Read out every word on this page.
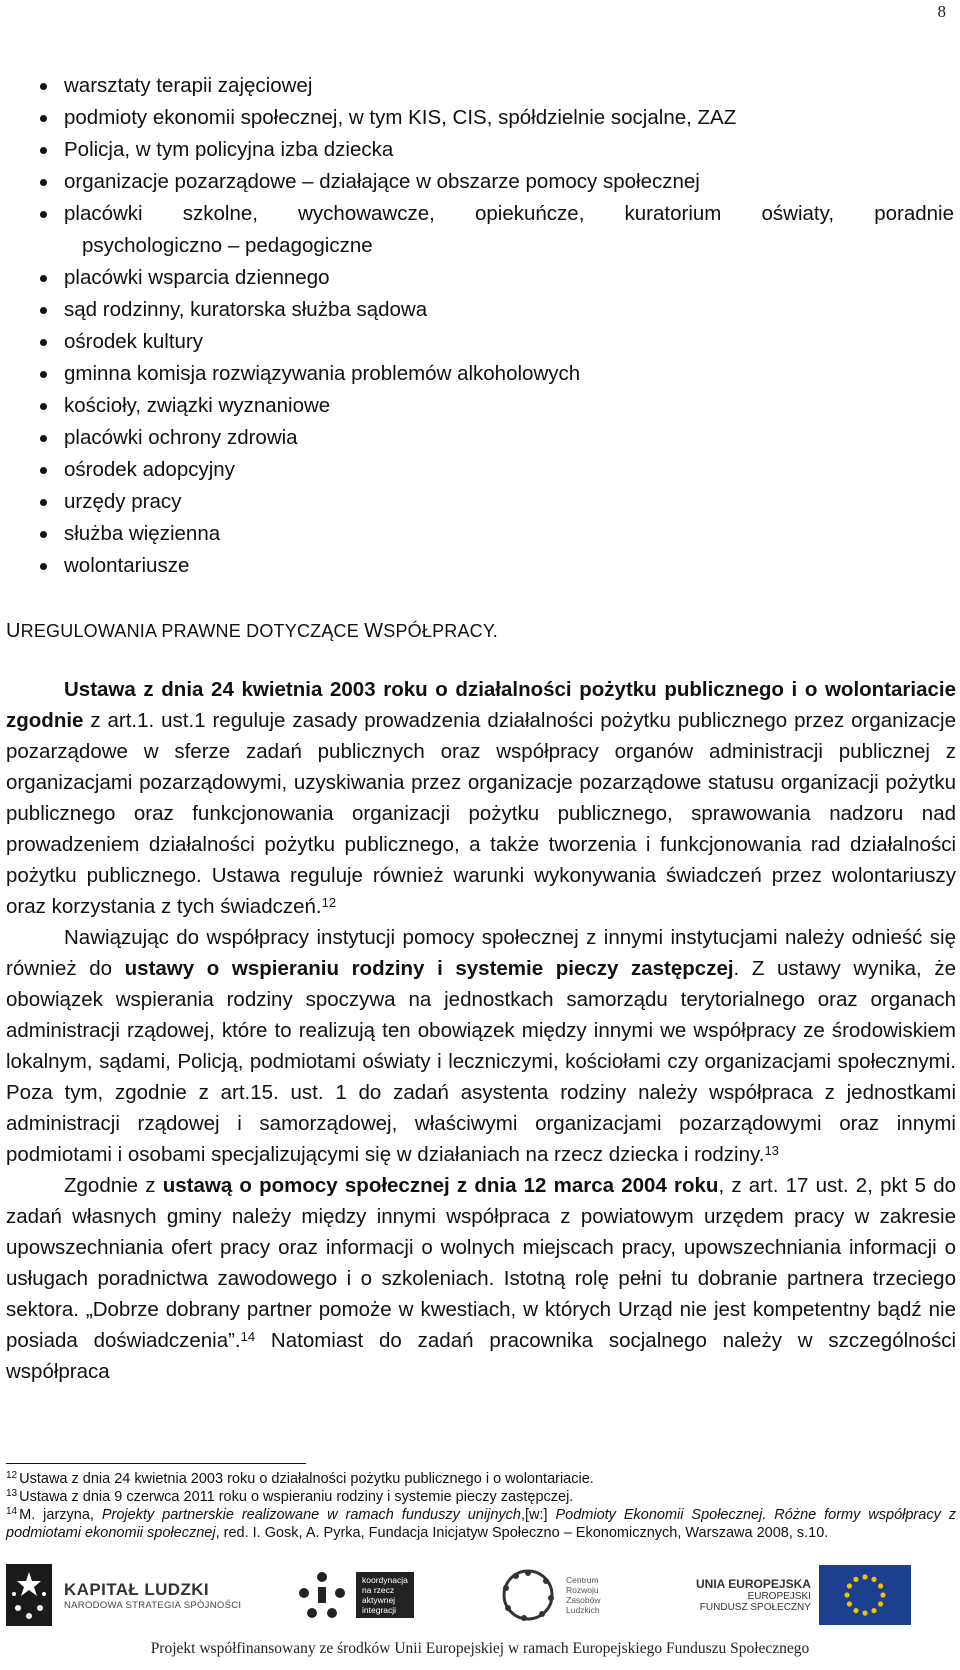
8
warsztaty terapii zajęciowej
podmioty ekonomii społecznej, w tym KIS, CIS, spółdzielnie socjalne, ZAZ
Policja, w tym policyjna izba dziecka
organizacje pozarządowe – działające w obszarze pomocy społecznej
placówki szkolne, wychowawcze, opiekuńcze, kuratorium oświaty, poradnie

psychologiczno – pedagogiczne
placówki wsparcia dziennego
sąd rodzinny, kuratorska służba sądowa
ośrodek kultury
gminna komisja rozwiązywania problemów alkoholowych
kościoły, związki wyznaniowe
placówki ochrony zdrowia
ośrodek adopcyjny
urzędy pracy
służba więzienna
wolontariusze
UREGULOWANIA PRAWNE DOTYCZĄCE WSPÓŁPRACY.

Ustawa z dnia 24 kwietnia 2003 roku o działalności pożytku publicznego i o wolontariacie zgodnie z art.1. ust.1 reguluje zasady prowadzenia działalności pożytku publicznego przez organizacje pozarządowe w sferze zadań publicznych oraz współpracy organów administracji publicznej z organizacjami pozarządowymi, uzyskiwania przez organizacje pozarządowe statusu organizacji pożytku publicznego oraz funkcjonowania organizacji pożytku publicznego, sprawowania nadzoru nad prowadzeniem działalności pożytku publicznego, a także tworzenia i funkcjonowania rad działalności pożytku publicznego. Ustawa reguluje również warunki wykonywania świadczeń przez wolontariuszy oraz korzystania z tych świadczeń.$^{12}$

Nawiązując do współpracy instytucji pomocy społecznej z innymi instytucjami należy odnieść się również do ustawy o wspieraniu rodziny i systemie pieczy zastępczej. Z ustawy wynika, że obowiązek wspierania rodziny spoczywa na jednostkach samorządu terytorialnego oraz organach administracji rządowej, które to realizują ten obowiązek między innymi we współpracy ze środowiskiem lokalnym, sądami, Policją, podmiotami oświaty i leczniczymi, kościołami czy organizacjami społecznymi. Poza tym, zgodnie z art.15. ust. 1 do zadań asystenta rodziny należy współpraca z jednostkami administracji rządowej i samorządowej, właściwymi organizacjami pozarządowymi oraz innymi podmiotami i osobami specjalizującymi się w działaniach na rzecz dziecka i rodziny.$^{13}$

Zgodnie z ustawą o pomocy społecznej z dnia 12 marca 2004 roku, z art. 17 ust. 2, pkt 5 do zadań własnych gminy należy między innymi współpraca z powiatowym urzędem pracy w zakresie upowszechniania ofert pracy oraz informacji o wolnych miejscach pracy, upowszechniania informacji o usługach poradnictwa zawodowego i o szkoleniach. Istotną rolę pełni tu dobranie partnera trzeciego sektora. „Dobrze dobrany partner pomoże w kwestiach, w których Urząd nie jest kompetentny bądź nie posiada doświadczenia”.$^{14}$ Natomiast do zadań pracownika socjalnego należy w szczególności współpraca

$^{12}$ Ustawa z dnia 24 kwietnia 2003 roku o działalności pożytku publicznego i o wolontariacie.

$^{13}$ Ustawa z dnia 9 czerwca 2011 roku o wspieraniu rodziny i systemie pieczy zastępczej.

$^{14}$ M. jarzyna, Projekty partnerskie realizowane w ramach funduszy unijnych,[w:] Podmioty Ekonomii Społecznej. Różne formy współpracy z podmiotami ekonomii społecznej, red. I. Gosk, A. Pyrka, Fundacja Inicjatyw Społeczno – Ekonomicznych, Warszawa 2008, s.10.

KAPITAŁ LUDZKI
NARODOWA STRATEGIA SPÓJNOŚCI
koordynacja
na rzecz
aktywnej
integracji
Centrum
Rozwoju
Zasobów
Ludzkich
UNIA EUROPEJSKA
EUROPEJSKI
FUNDUSZ SPOŁECZNY
Projekt współfinansowany ze środków Unii Europejskiej w ramach Europejskiego Funduszu Społecznego
